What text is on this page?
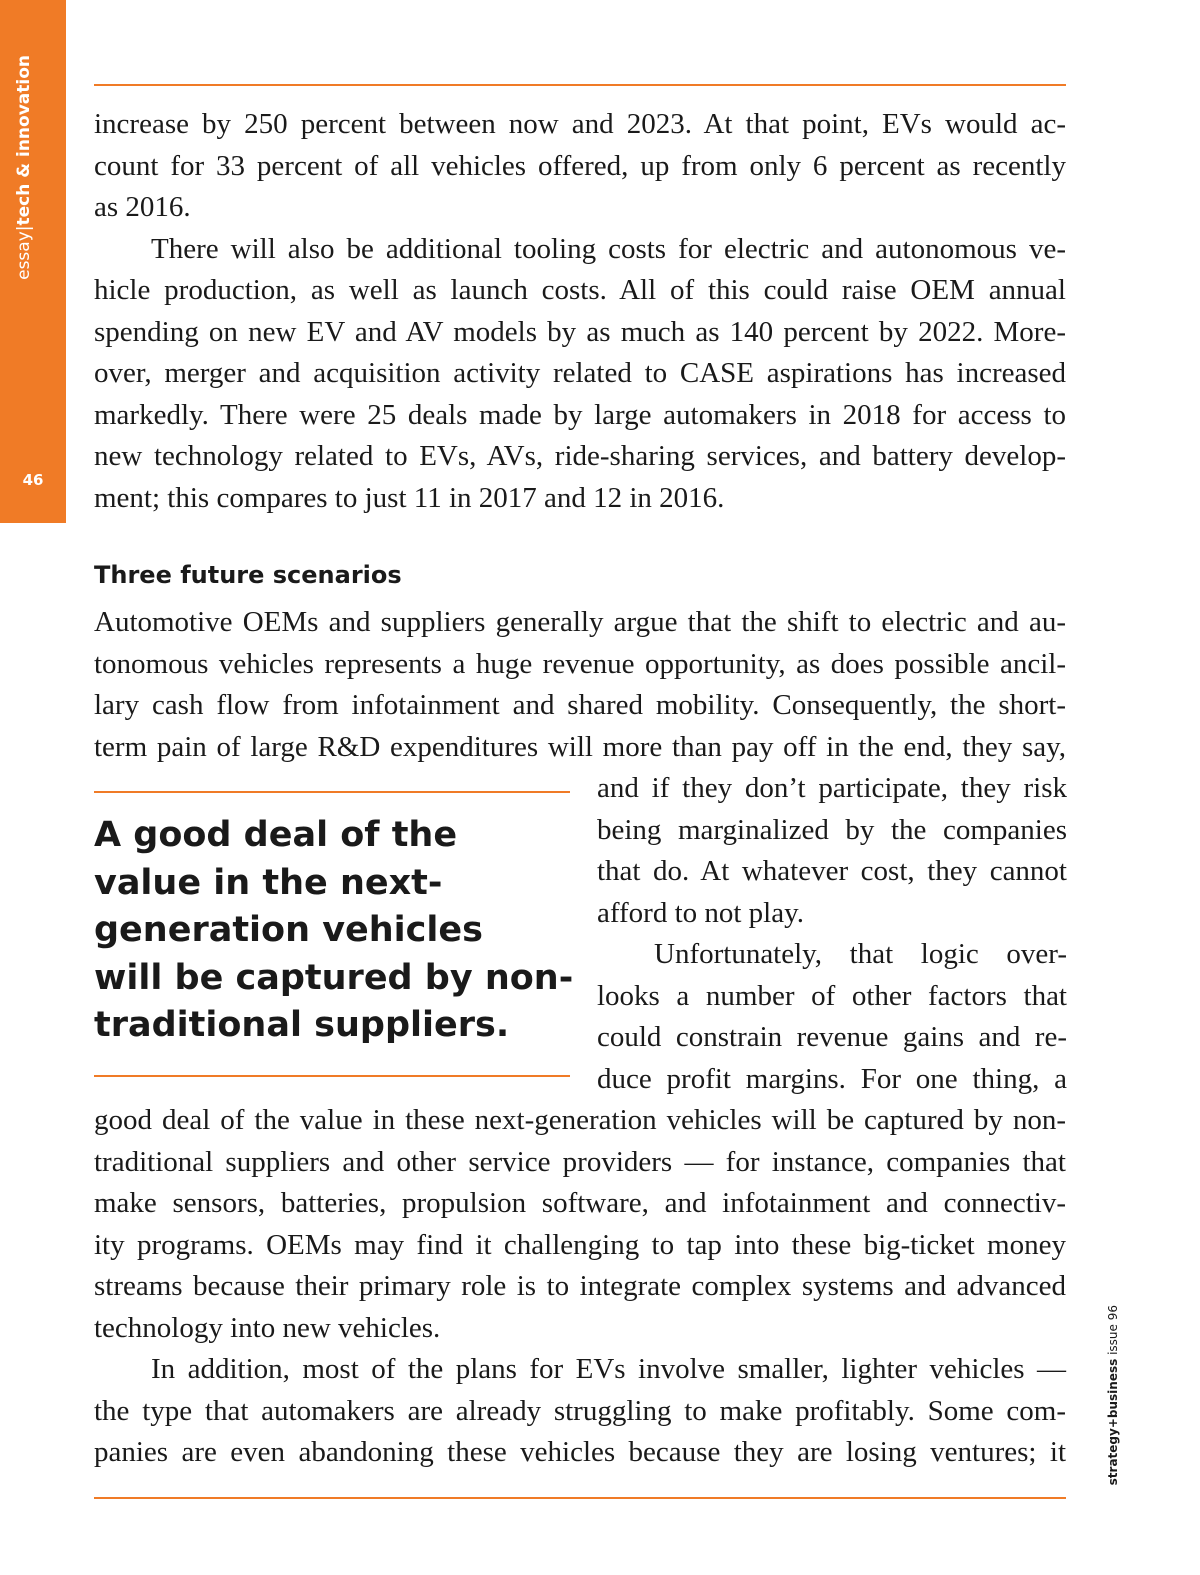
essay|tech & innovation
46
increase by 250 percent between now and 2023. At that point, EVs would ac-
count for 33 percent of all vehicles offered, up from only 6 percent as recently
as 2016.
There will also be additional tooling costs for electric and autonomous ve-
hicle production, as well as launch costs. All of this could raise OEM annual
spending on new EV and AV models by as much as 140 percent by 2022. More-
over, merger and acquisition activity related to CASE aspirations has increased
markedly. There were 25 deals made by large automakers in 2018 for access to
new technology related to EVs, AVs, ride-sharing services, and battery develop-
ment; this compares to just 11 in 2017 and 12 in 2016.
Three future scenarios
Automotive OEMs and suppliers generally argue that the shift to electric and au-
tonomous vehicles represents a huge revenue opportunity, as does possible ancil-
lary cash flow from infotainment and shared mobility. Consequently, the short-
term pain of large R&D expenditures will more than pay off in the end, they say,
A good deal of the
value in the next-
generation vehicles
will be captured by non-
traditional suppliers.
and if they don’t participate, they risk
being marginalized by the companies
that do. At whatever cost, they cannot
afford to not play.
Unfortunately, that logic over-
looks a number of other factors that
could constrain revenue gains and re-
duce profit margins. For one thing, a
good deal of the value in these next-generation vehicles will be captured by non-
traditional suppliers and other service providers — for instance, companies that
make sensors, batteries, propulsion software, and infotainment and connectiv-
ity programs. OEMs may find it challenging to tap into these big-ticket money
streams because their primary role is to integrate complex systems and advanced
technology into new vehicles.
In addition, most of the plans for EVs involve smaller, lighter vehicles —
the type that automakers are already struggling to make profitably. Some com-
panies are even abandoning these vehicles because they are losing ventures; it	strategy+business issue 96
